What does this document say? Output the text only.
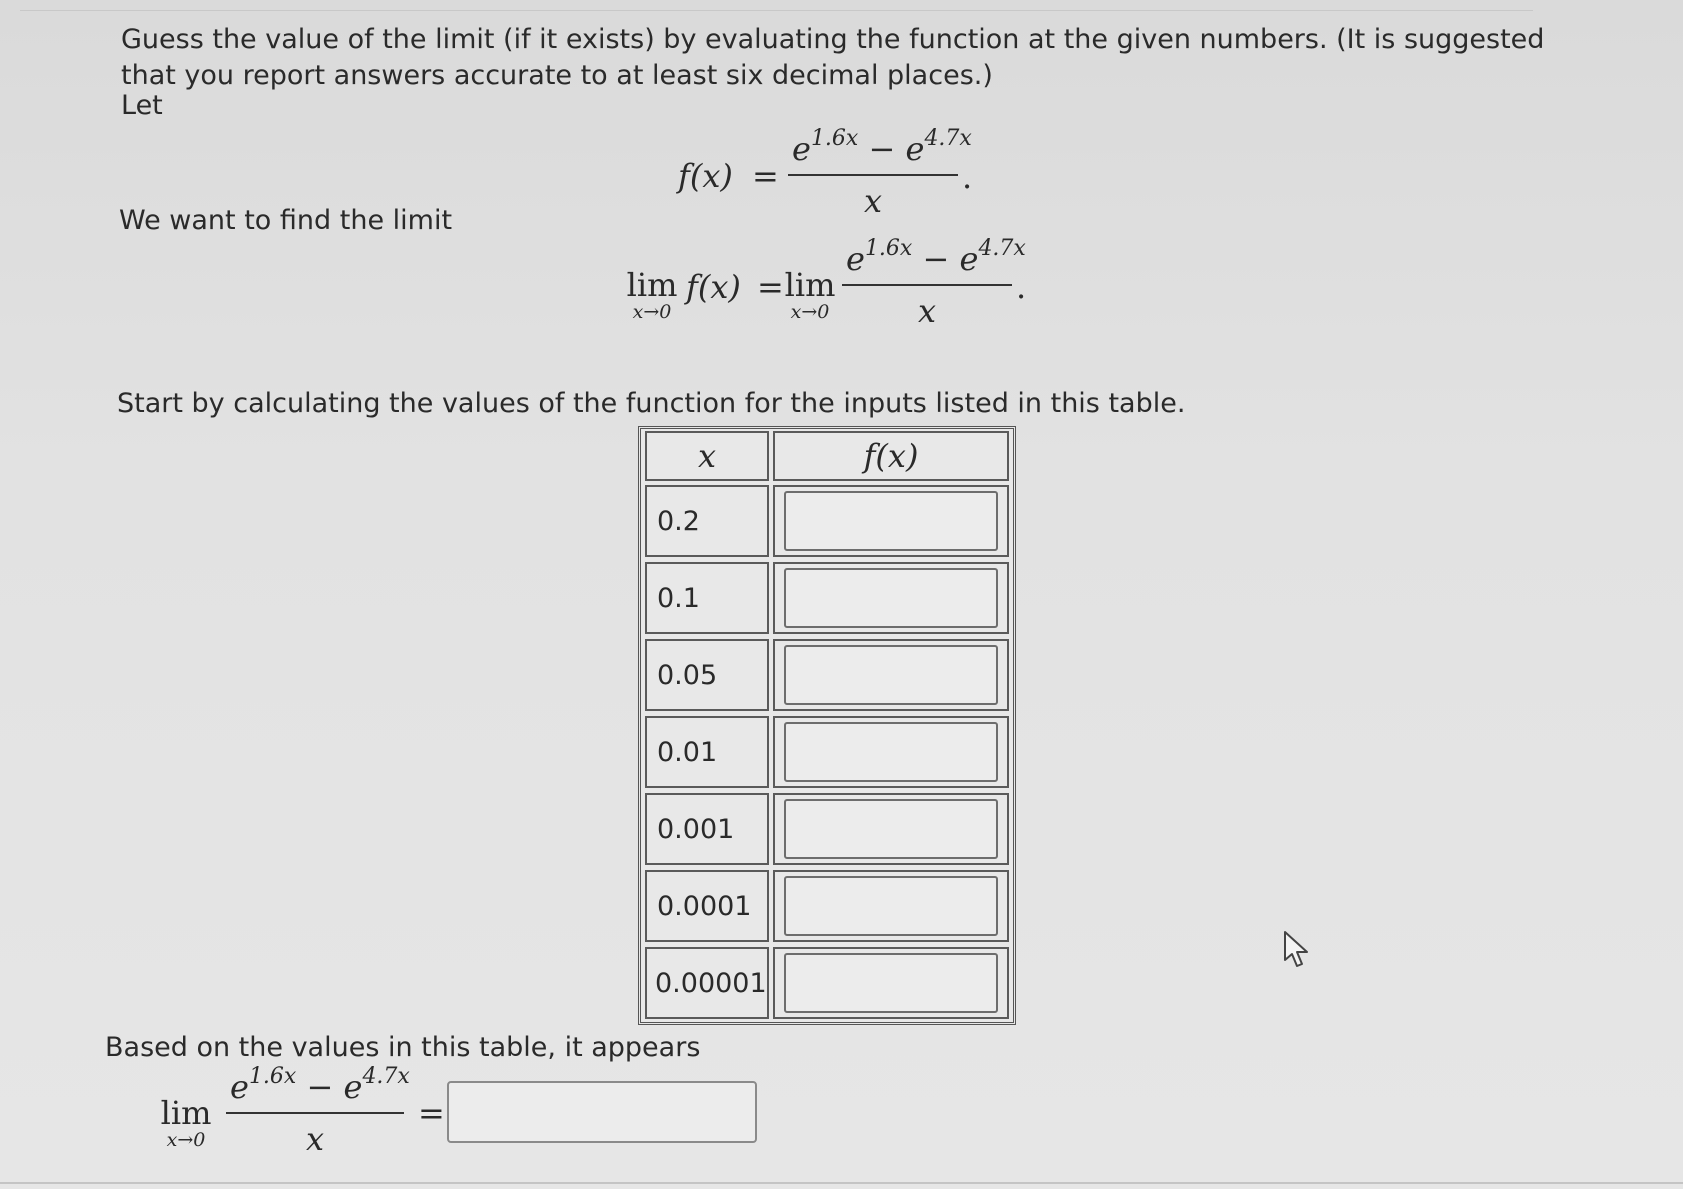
Guess the value of the limit (if it exists) by evaluating the function at the given numbers. (It is suggested
that you report answers accurate to at least six decimal places.)
Let
f(x) =
$e^{1.6x} - e^{4.7x}$
x
.
We want to find the limit
lim
x→0
f(x) = lim
x→0
$e^{1.6x} - e^{4.7x}$
x
.
Start by calculating the values of the function for the inputs listed in this table.
x	f(x)
0.2
0.1
0.05
0.01
0.001
0.0001
0.00001
Based on the values in this table, it appears
lim
x→0
$e^{1.6x} - e^{4.7x}$
x
=
